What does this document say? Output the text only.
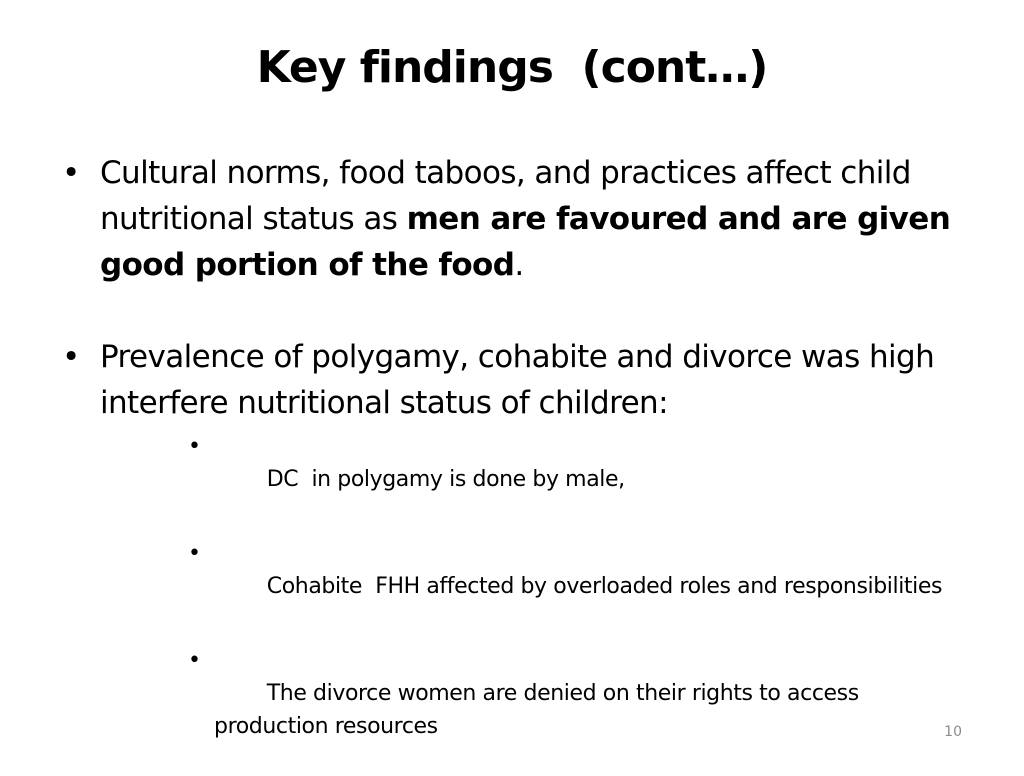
Key findings  (cont…)
• Cultural norms, food taboos, and practices affect child nutritional status as men are favoured and are given good portion of the food.
• Prevalence of polygamy, cohabite and divorce was high interfere nutritional status of children:

•
DC  in polygamy is done by male,

•
Cohabite  FHH affected by overloaded roles and responsibilities

•
The divorce women are denied on their rights to access production resources
	10
